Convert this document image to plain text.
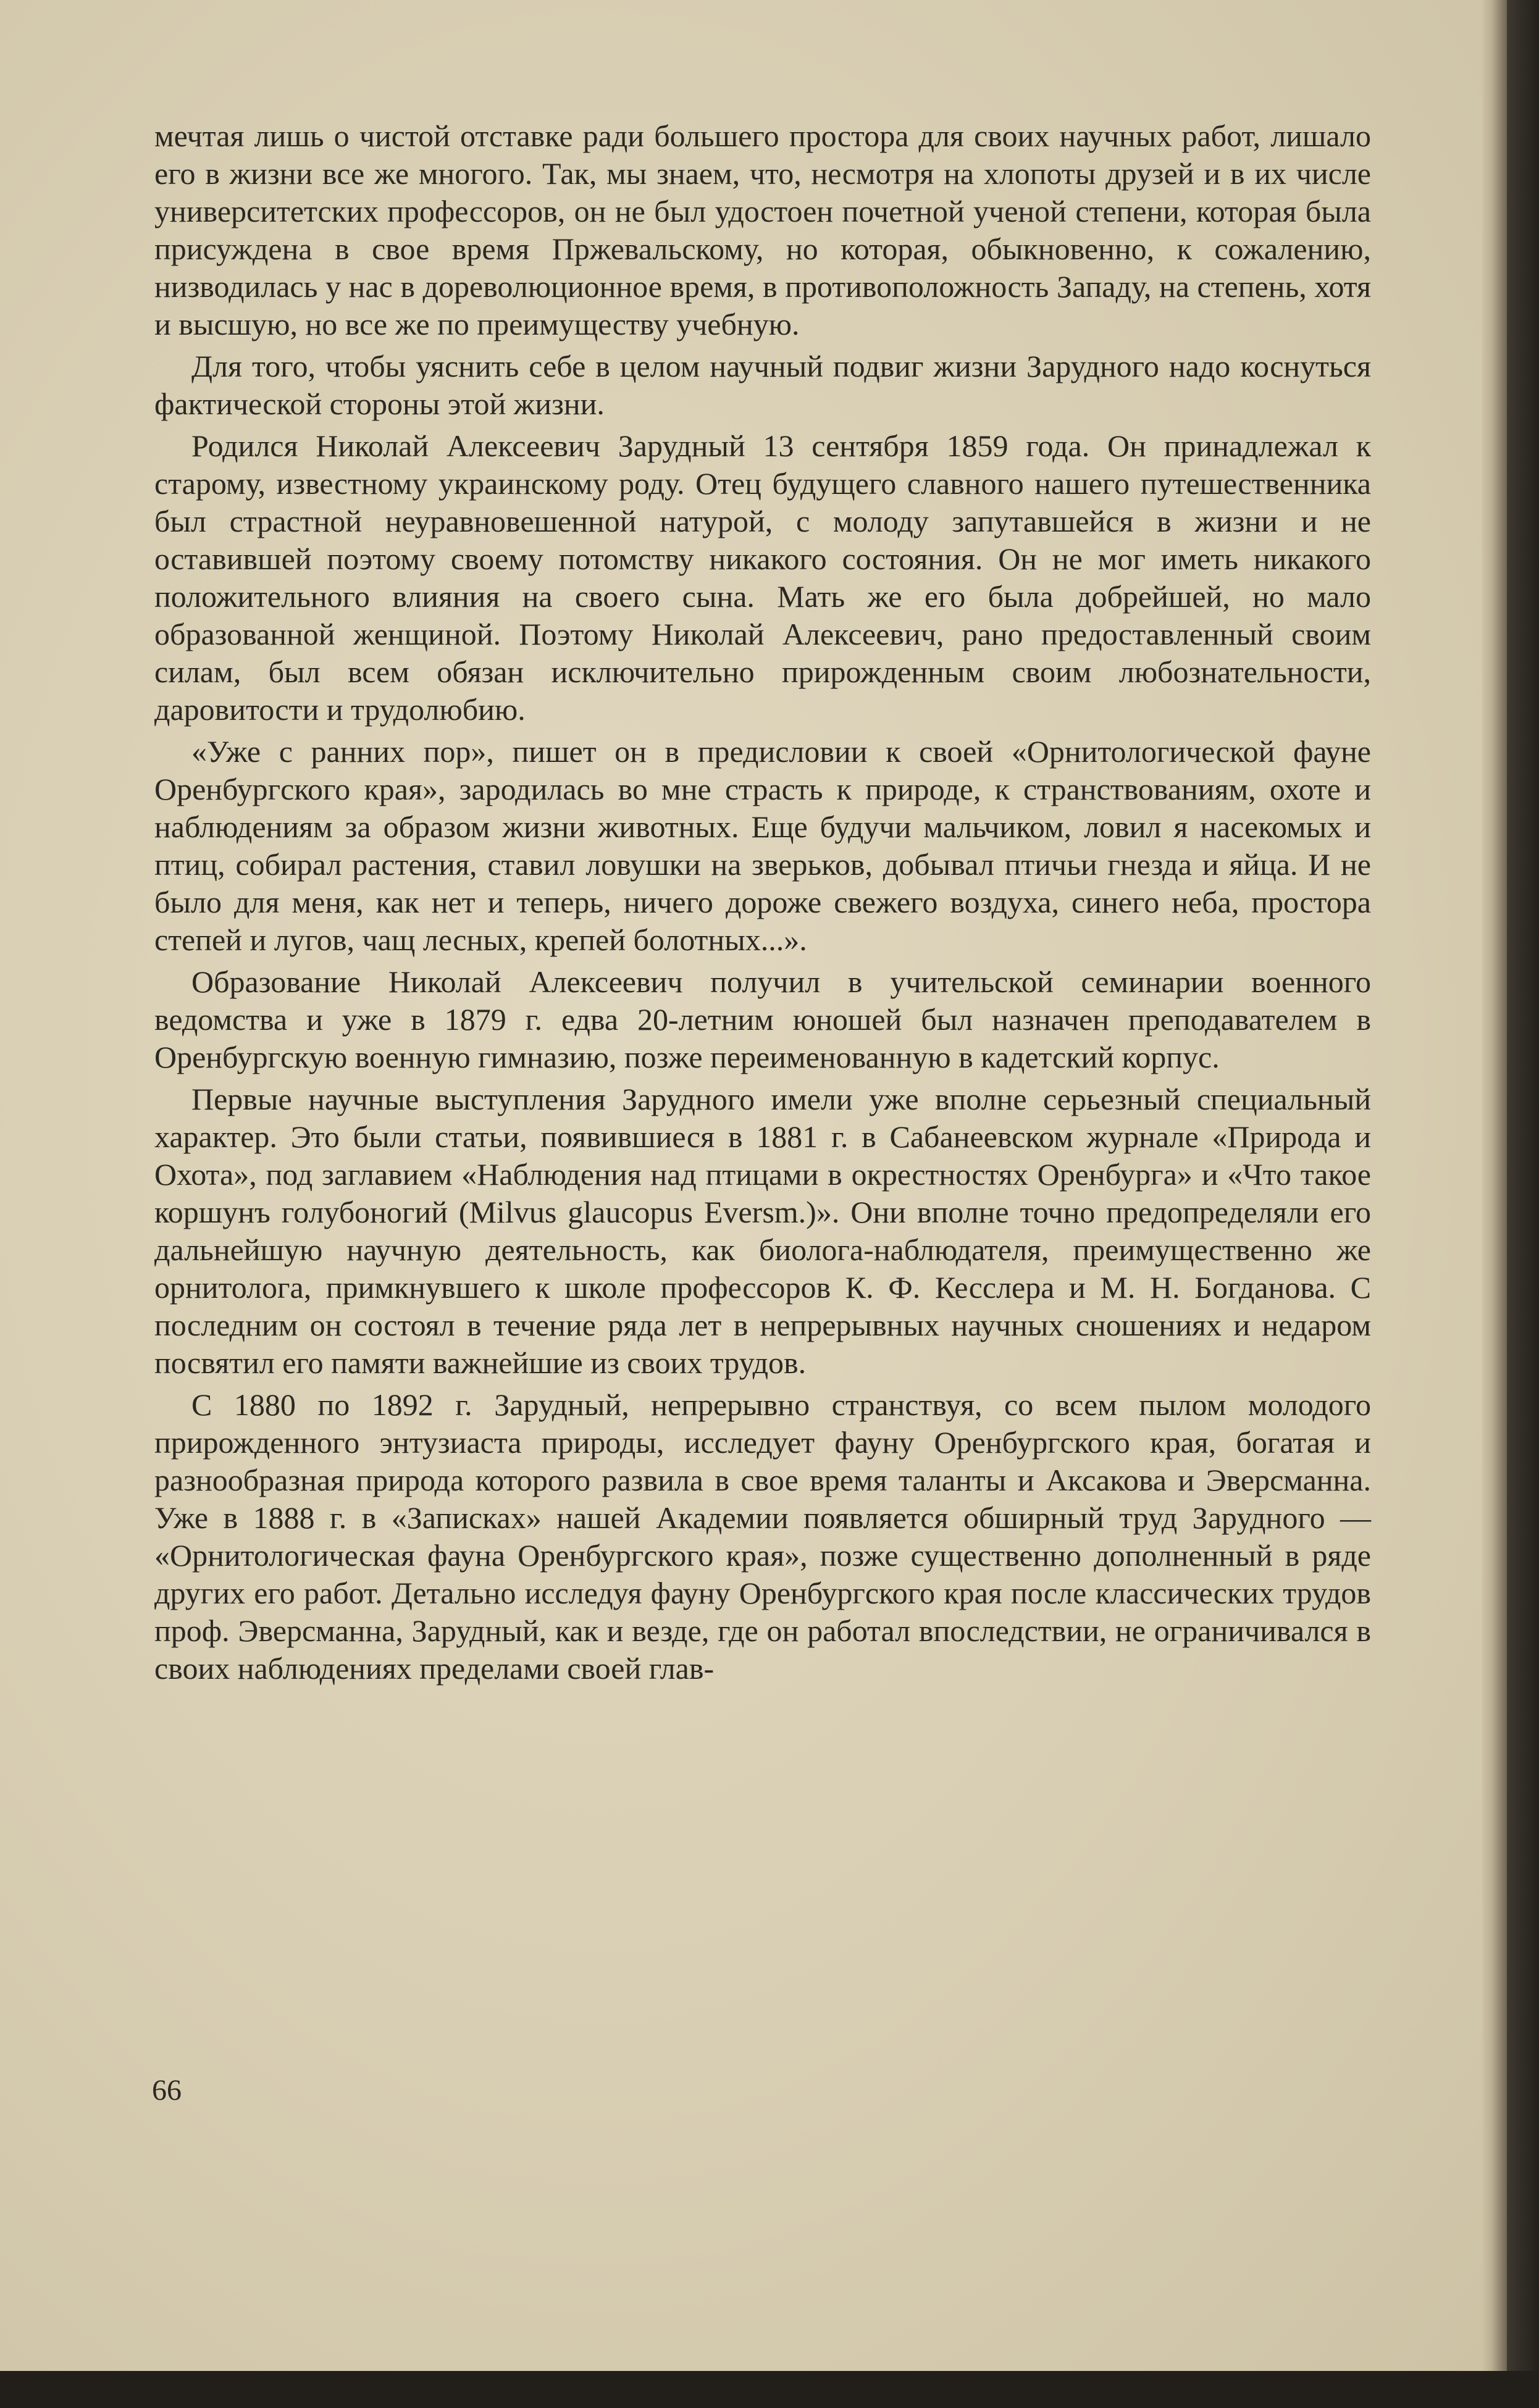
мечтая лишь о чистой отставке ради большего простора для своих научных работ, лишало его в жизни все же многого. Так, мы знаем, что, несмотря на хлопоты друзей и в их числе университетских профессоров, он не был удостоен почетной ученой степени, которая была присуждена в свое время Пржевальскому, но которая, обыкновенно, к сожалению, низводилась у нас в дореволюционное время, в противоположность Западу, на степень, хотя и высшую, но все же по преимуществу учебную.

Для того, чтобы уяснить себе в целом научный подвиг жизни Зарудного надо коснуться фактической стороны этой жизни.

Родился Николай Алексеевич Зарудный 13 сентября 1859 года. Он принадлежал к старому, известному украинскому роду. Отец будущего славного нашего путешественника был страстной неуравновешенной натурой, с молоду запутавшейся в жизни и не оставившей поэтому своему потомству никакого состояния. Он не мог иметь никакого положительного влияния на своего сына. Мать же его была добрейшей, но мало образованной женщиной. Поэтому Николай Алексеевич, рано предоставленный своим силам, был всем обязан исключительно прирожденным своим любознательности, даровитости и трудолюбию.

«Уже с ранних пор», пишет он в предисловии к своей «Орнитологической фауне Оренбургского края», зародилась во мне страсть к природе, к странствованиям, охоте и наблюдениям за образом жизни животных. Еще будучи мальчиком, ловил я насекомых и птиц, собирал растения, ставил ловушки на зверьков, добывал птичьи гнезда и яйца. И не было для меня, как нет и теперь, ничего дороже свежего воздуха, синего неба, простора степей и лугов, чащ лесных, крепей болотных...».

Образование Николай Алексеевич получил в учительской семинарии военного ведомства и уже в 1879 г. едва 20-летним юношей был назначен преподавателем в Оренбургскую военную гимназию, позже переименованную в кадетский корпус.

Первые научные выступления Зарудного имели уже вполне серьезный специальный характер. Это были статьи, появившиеся в 1881 г. в Сабанеевском журнале «Природа и Охота», под заглавием «Наблюдения над птицами в окрестностях Оренбурга» и «Что такое коршунъ голубоногий (Milvus glaucopus Eversm.)». Они вполне точно предопределяли его дальнейшую научную деятельность, как биолога-наблюдателя, преимущественно же орнитолога, примкнувшего к школе профессоров К. Ф. Кесслера и М. Н. Богданова. С последним он состоял в течение ряда лет в непрерывных научных сношениях и недаром посвятил его памяти важнейшие из своих трудов.

С 1880 по 1892 г. Зарудный, непрерывно странствуя, со всем пылом молодого прирожденного энтузиаста природы, исследует фауну Оренбургского края, богатая и разнообразная природа которого развила в свое время таланты и Аксакова и Эверсманна. Уже в 1888 г. в «Записках» нашей Академии появляется обширный труд Зарудного — «Орнитологическая фауна Оренбургского края», позже существенно дополненный в ряде других его работ. Детально исследуя фауну Оренбургского края после классических трудов проф. Эверсманна, Зарудный, как и везде, где он работал впоследствии, не ограничивался в своих наблюдениях пределами своей глав-

66
